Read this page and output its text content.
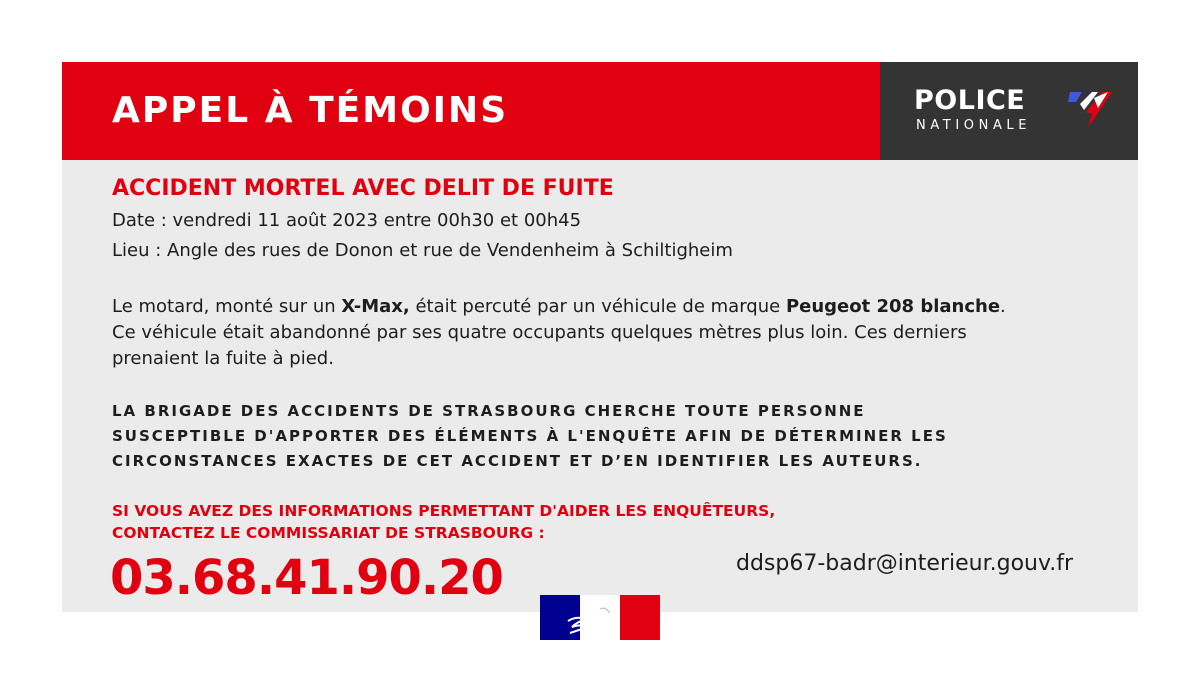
APPEL À TÉMOINS	POLICE
NATIONALE
ACCIDENT MORTEL AVEC DELIT DE FUITE
Date : vendredi 11 août 2023 entre 00h30 et 00h45
Lieu : Angle des rues de Donon et rue de Vendenheim à Schiltigheim
Le motard, monté sur un X-Max, était percuté par un véhicule de marque Peugeot 208 blanche.
Ce véhicule était abandonné par ses quatre occupants quelques mètres plus loin. Ces derniers
prenaient la fuite à pied.
LA BRIGADE DES ACCIDENTS DE STRASBOURG CHERCHE TOUTE PERSONNE
SUSCEPTIBLE D'APPORTER DES ÉLÉMENTS À L'ENQUÊTE AFIN DE DÉTERMINER LES
CIRCONSTANCES EXACTES DE CET ACCIDENT ET D’EN IDENTIFIER LES AUTEURS.
SI VOUS AVEZ DES INFORMATIONS PERMETTANT D'AIDER LES ENQUÊTEURS,
CONTACTEZ LE COMMISSARIAT DE STRASBOURG :
03.68.41.90.20	ddsp67-badr@interieur.gouv.fr
